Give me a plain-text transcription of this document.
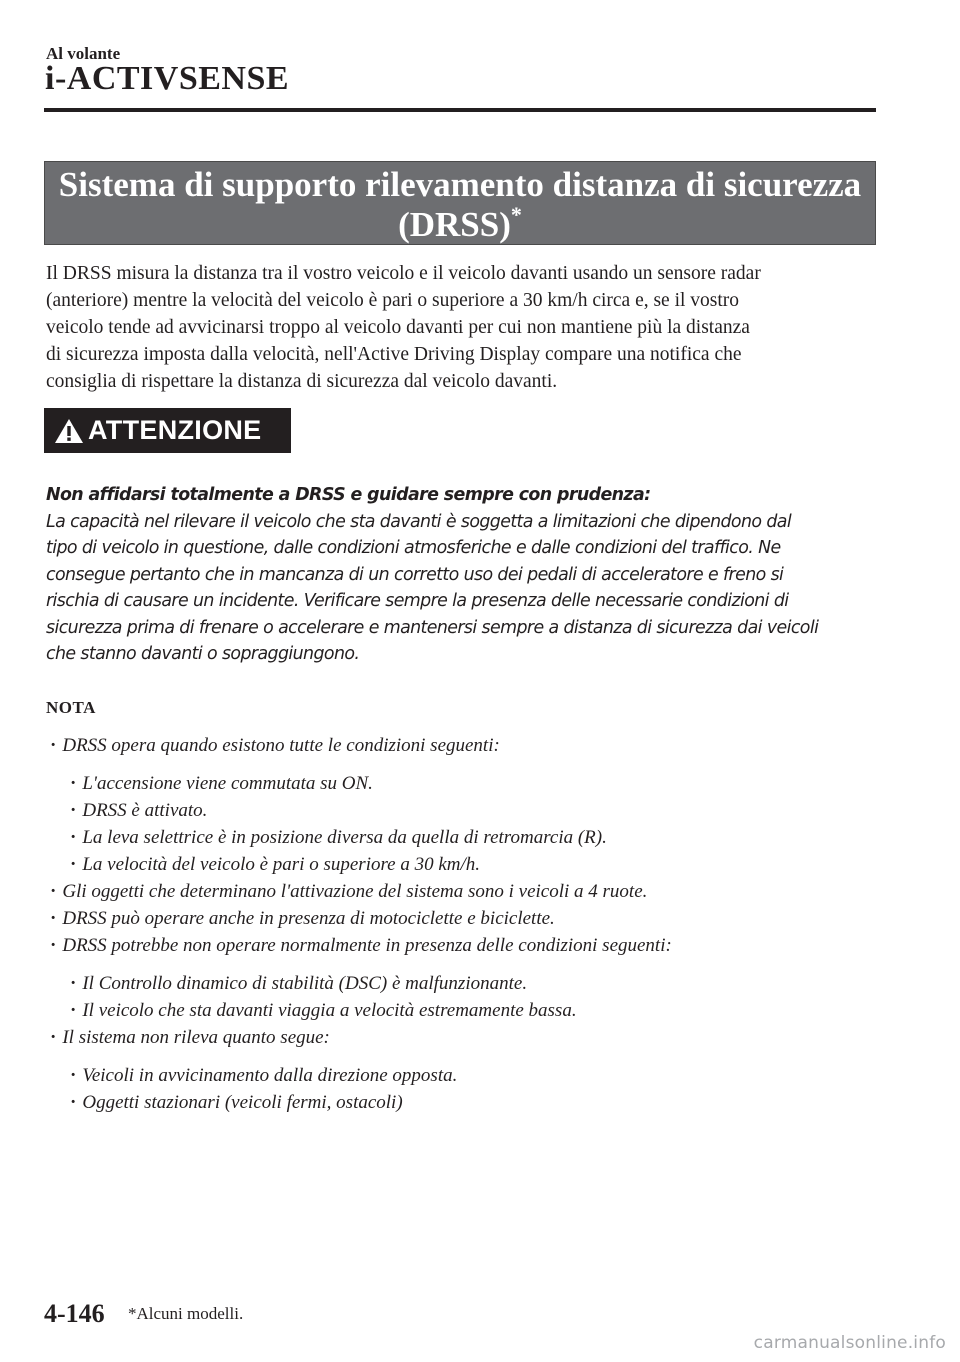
Al volante
i-ACTIVSENSE
Sistema di supporto rilevamento distanza di sicurezza
(DRSS)*

Il DRSS misura la distanza tra il vostro veicolo e il veicolo davanti usando un sensore radar

(anteriore) mentre la velocità del veicolo è pari o superiore a 30 km/h circa e, se il vostro

veicolo tende ad avvicinarsi troppo al veicolo davanti per cui non mantiene più la distanza

di sicurezza imposta dalla velocità, nell'Active Driving Display compare una notifica che

consiglia di rispettare la distanza di sicurezza dal veicolo davanti.

ATTENZIONE

Non affidarsi totalmente a DRSS e guidare sempre con prudenza:

La capacità nel rilevare il veicolo che sta davanti è soggetta a limitazioni che dipendono dal

tipo di veicolo in questione, dalle condizioni atmosferiche e dalle condizioni del traffico. Ne

consegue pertanto che in mancanza di un corretto uso dei pedali di acceleratore e freno si

rischia di causare un incidente. Verificare sempre la presenza delle necessarie condizioni di

sicurezza prima di frenare o accelerare e mantenersi sempre a distanza di sicurezza dai veicoli

che stanno davanti o sopraggiungono.

NOTA
· DRSS opera quando esistono tutte le condizioni seguenti:
· L'accensione viene commutata su ON.
· DRSS è attivato.
· La leva selettrice è in posizione diversa da quella di retromarcia (R).
· La velocità del veicolo è pari o superiore a 30 km/h.
· Gli oggetti che determinano l'attivazione del sistema sono i veicoli a 4 ruote.
· DRSS può operare anche in presenza di motociclette e biciclette.
· DRSS potrebbe non operare normalmente in presenza delle condizioni seguenti:
· Il Controllo dinamico di stabilità (DSC) è malfunzionante.
· Il veicolo che sta davanti viaggia a velocità estremamente bassa.
· Il sistema non rileva quanto segue:
· Veicoli in avvicinamento dalla direzione opposta.
· Oggetti stazionari (veicoli fermi, ostacoli)
4-146 *Alcuni modelli.
carmanualsonline.info
